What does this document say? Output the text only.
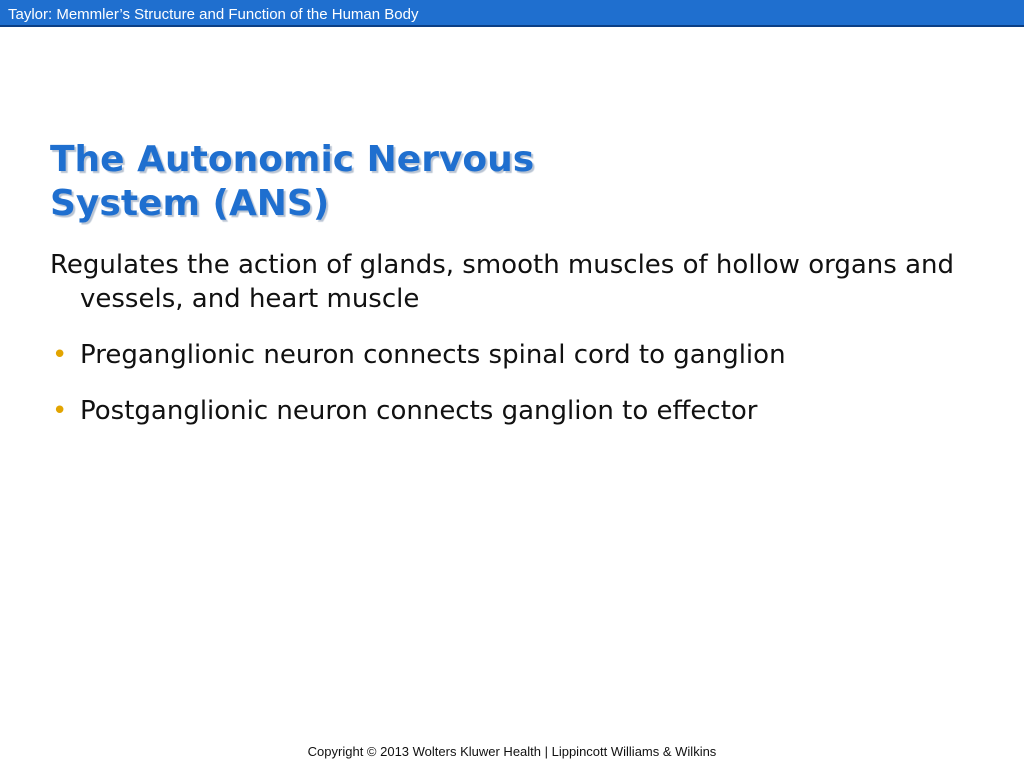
Taylor: Memmler’s Structure and Function of the Human Body
The Autonomic Nervous
System (ANS)

Regulates the action of glands, smooth muscles of hollow organs and vessels, and heart muscle

• Preganglionic neuron connects spinal cord to ganglion
• Postganglionic neuron connects ganglion to effector
Copyright © 2013 Wolters Kluwer Health | Lippincott Williams & Wilkins
